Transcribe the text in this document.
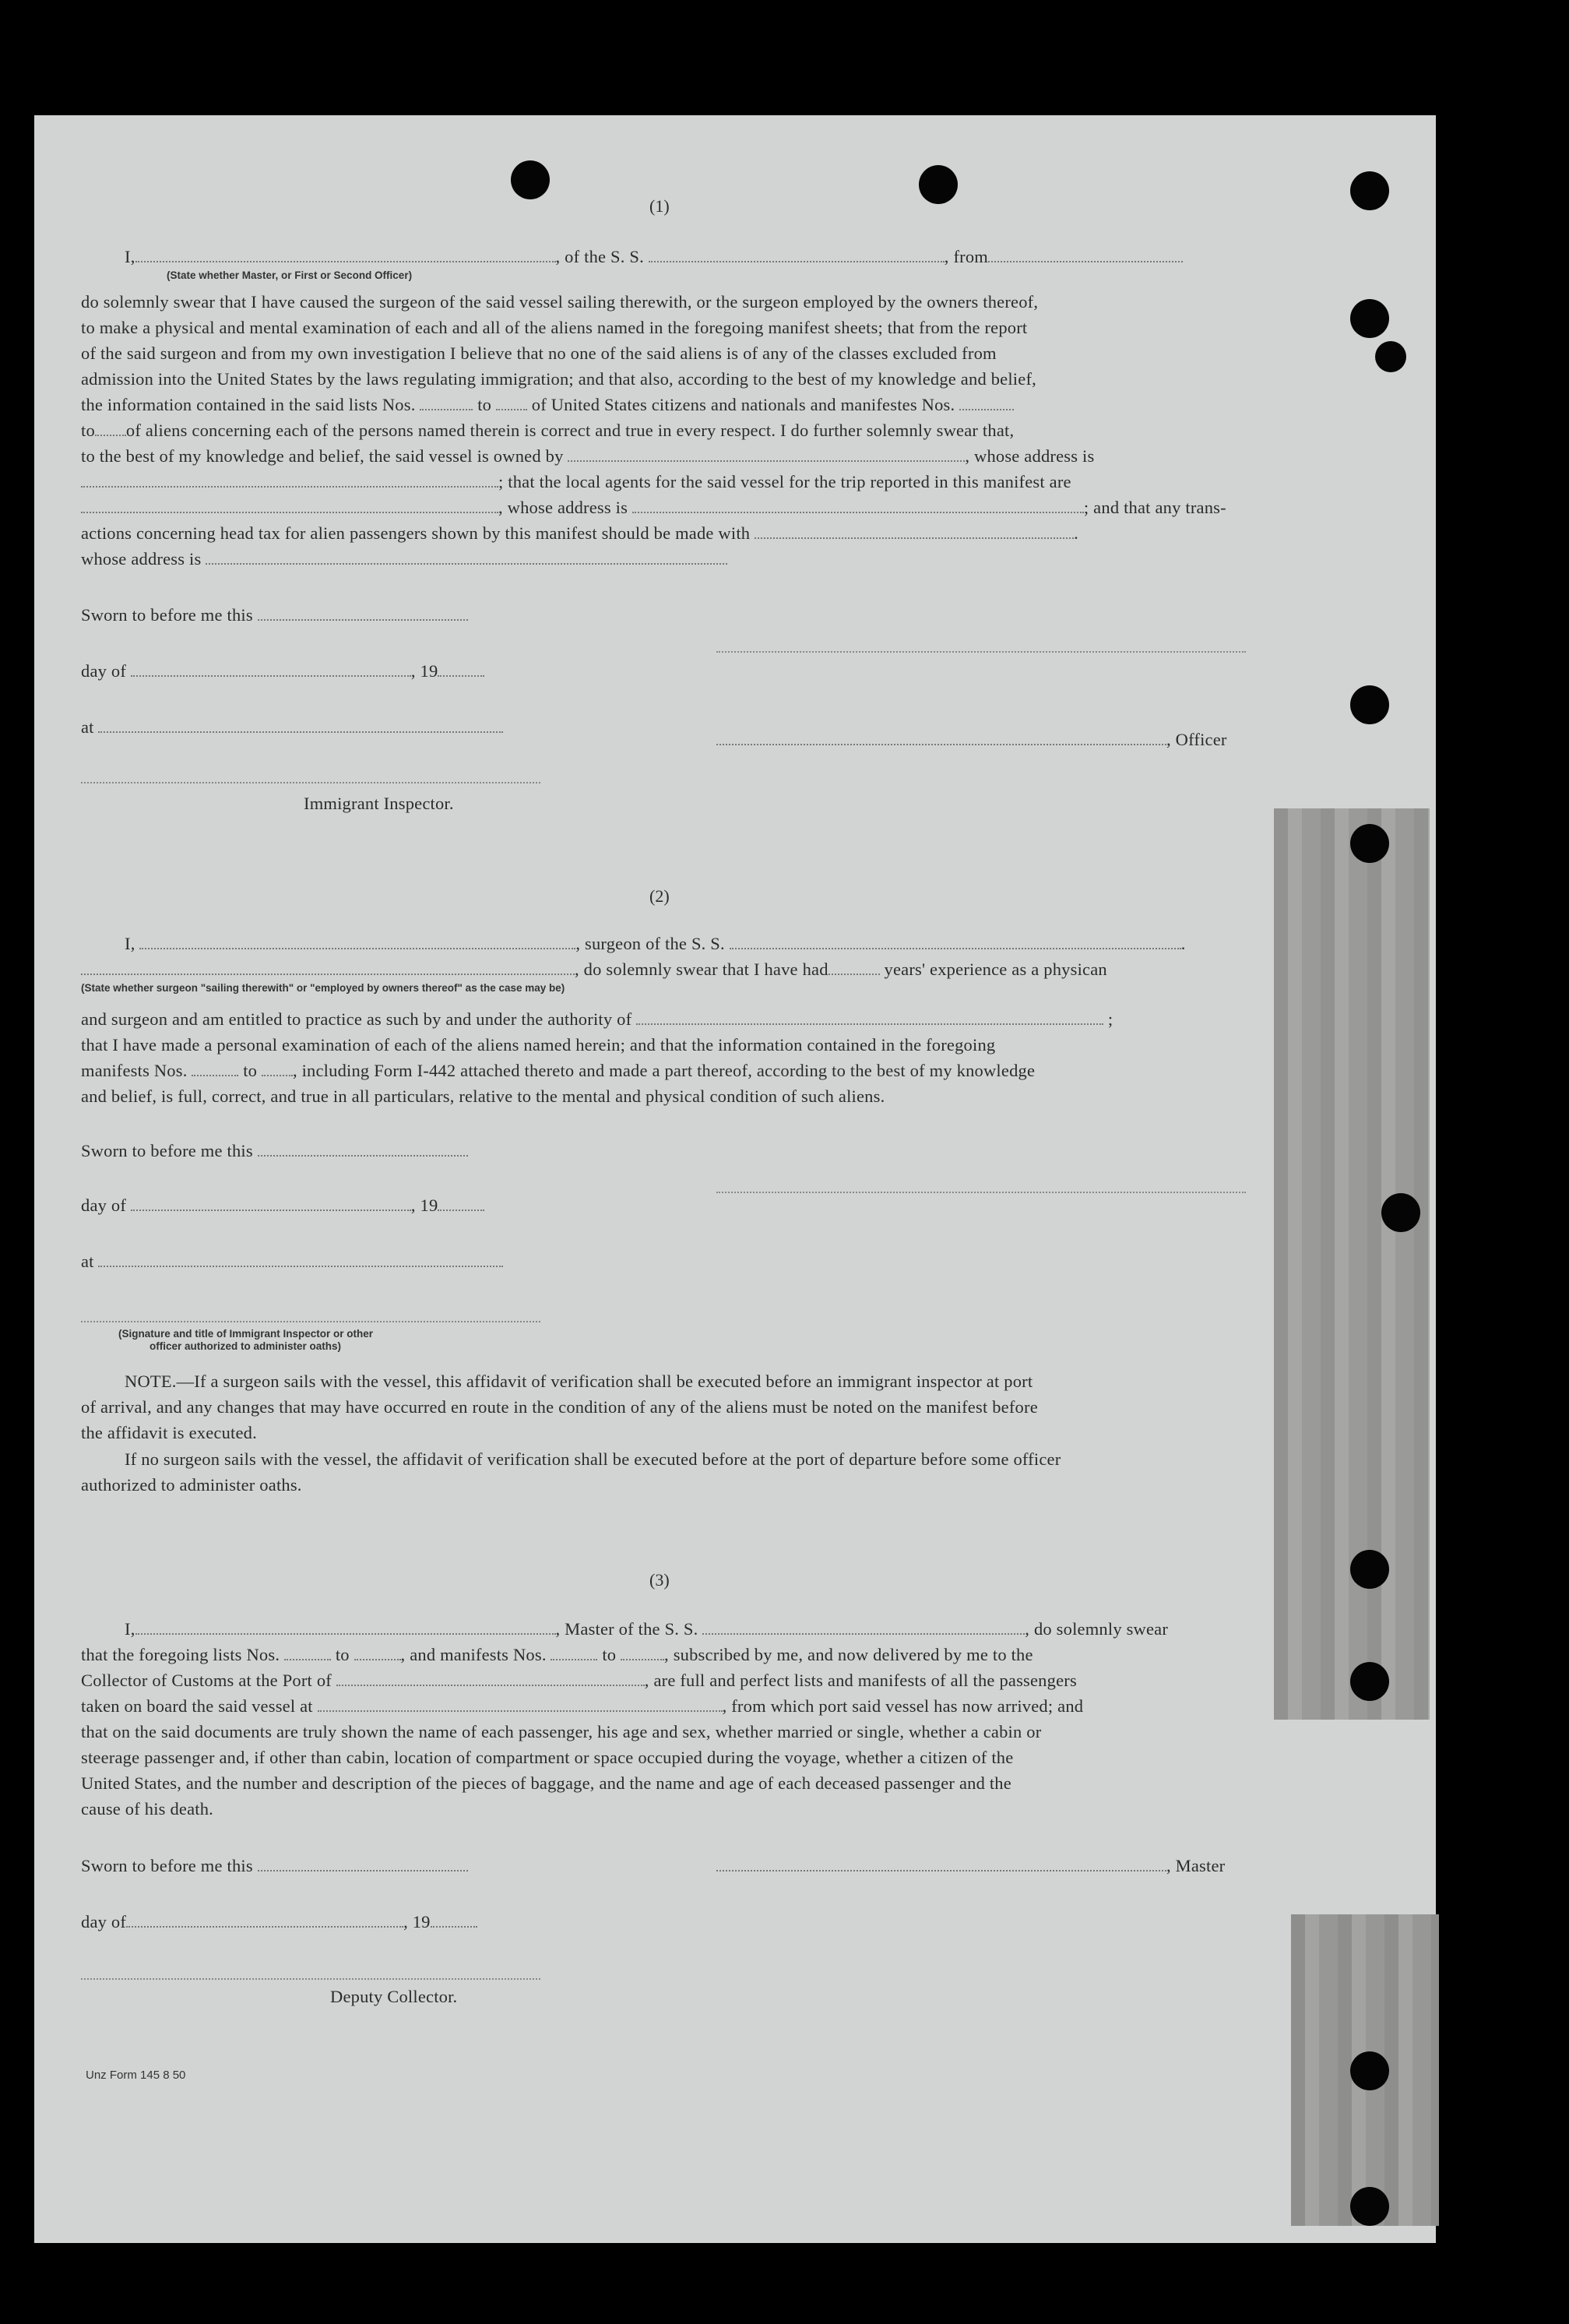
(1)
I,	, of the S. S.	, from
(State whether Master, or First or Second Officer)
do solemnly swear that I have caused the surgeon of the said vessel sailing therewith, or the surgeon employed by the owners thereof,
to make a physical and mental examination of each and all of the aliens named in the foregoing manifest sheets; that from the report
of the said surgeon and from my own investigation I believe that no one of the said aliens is of any of the classes excluded from
admission into the United States by the laws regulating immigration; and that also, according to the best of my knowledge and belief,
the information contained in the said lists Nos.	to of United States citizens and nationals and manifestes Nos.
to of aliens concerning each of the persons named therein is correct and true in every respect. I do further solemnly swear that,
to the best of my knowledge and belief, the said vessel is owned by	, whose address is
; that the local agents for the said vessel for the trip reported in this manifest are
, whose address is	; and that any trans-
actions concerning head tax for alien passengers shown by this manifest should be made with	.
whose address is
Sworn to before me this
day of	, 19
at
, Officer
Immigrant Inspector.
(2)
I,	, surgeon of the S. S.	.
, do solemnly swear that I have had	years' experience as a physican
(State whether surgeon "sailing therewith" or "employed by owners thereof" as the case may be)
and surgeon and am entitled to practice as such by and under the authority of	;
that I have made a personal examination of each of the aliens named herein; and that the information contained in the foregoing
manifests Nos.	to , including Form I-442 attached thereto and made a part thereof, according to the best of my knowledge
and belief, is full, correct, and true in all particulars, relative to the mental and physical condition of such aliens.
Sworn to before me this
day of	, 19
at
(Signature and title of Immigrant Inspector or other
officer authorized to administer oaths)
NOTE.—If a surgeon sails with the vessel, this affidavit of verification shall be executed before an immigrant inspector at port
of arrival, and any changes that may have occurred en route in the condition of any of the aliens must be noted on the manifest before
the affidavit is executed.
If no surgeon sails with the vessel, the affidavit of verification shall be executed before at the port of departure before some officer
authorized to administer oaths.
(3)
I,	, Master of the S. S.	, do solemnly swear
that the foregoing lists Nos.	to	, and manifests Nos.	to	, subscribed by me, and now delivered by me to the
Collector of Customs at the Port of	, are full and perfect lists and manifests of all the passengers
taken on board the said vessel at	, from which port said vessel has now arrived; and
that on the said documents are truly shown the name of each passenger, his age and sex, whether married or single, whether a cabin or
steerage passenger and, if other than cabin, location of compartment or space occupied during the voyage, whether a citizen of the
United States, and the number and description of the pieces of baggage, and the name and age of each deceased passenger and the
cause of his death.
Sworn to before me this	, Master
day of	, 19
Deputy Collector.
Unz Form 145 8 50
